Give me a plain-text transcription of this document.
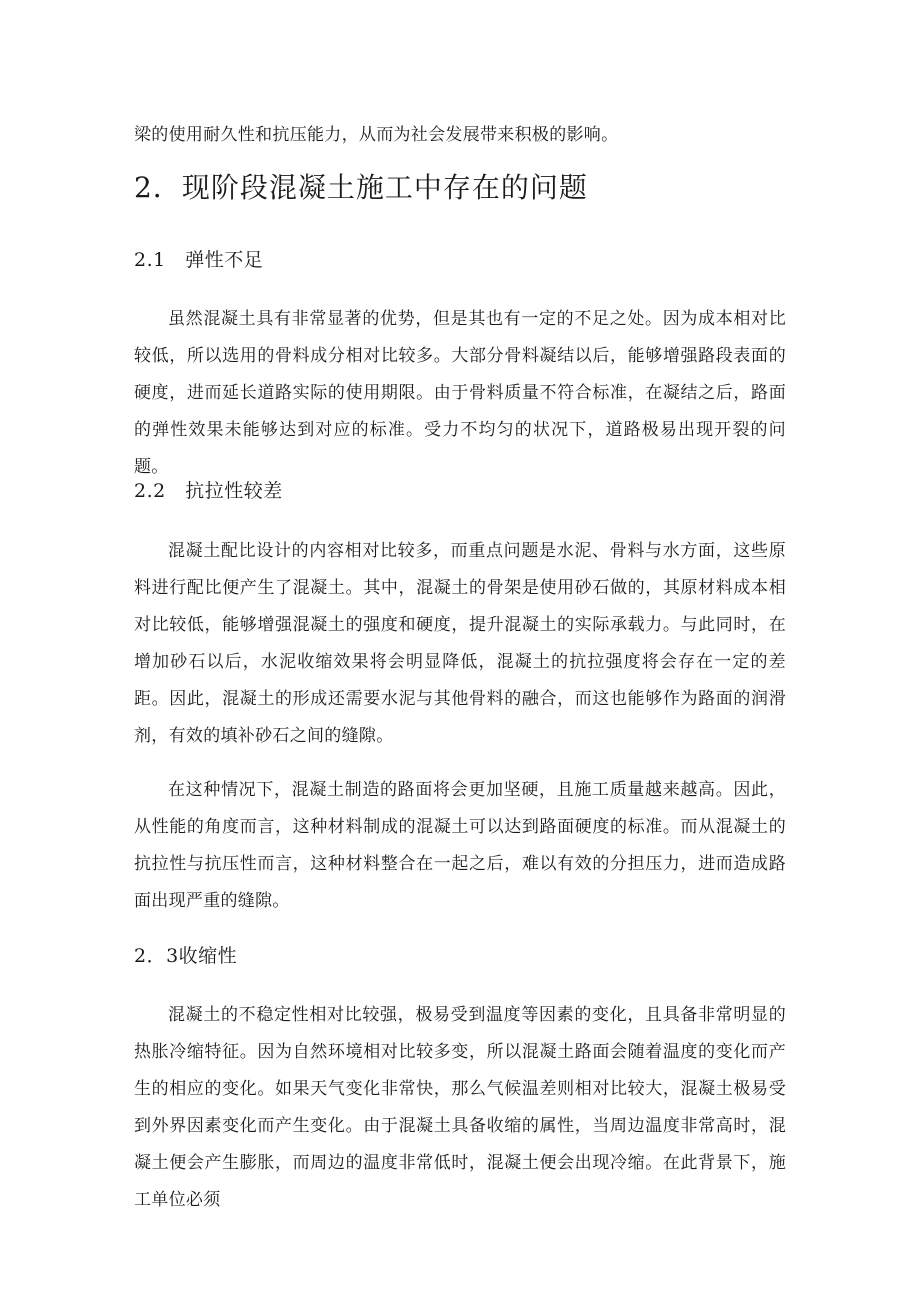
梁的使用耐久性和抗压能力，从而为社会发展带来积极的影响。

2．现阶段混凝土施工中存在的问题
2.1　弹性不足

虽然混凝土具有非常显著的优势，但是其也有一定的不足之处。因为成本相对比较低，所以选用的骨料成分相对比较多。大部分骨料凝结以后，能够增强路段表面的硬度，进而延长道路实际的使用期限。由于骨料质量不符合标准，在凝结之后，路面的弹性效果未能够达到对应的标准。受力不均匀的状况下，道路极易出现开裂的问题。

2.2　抗拉性较差

混凝土配比设计的内容相对比较多，而重点问题是水泥、骨料与水方面，这些原料进行配比便产生了混凝土。其中，混凝土的骨架是使用砂石做的，其原材料成本相对比较低，能够增强混凝土的强度和硬度，提升混凝土的实际承载力。与此同时，在增加砂石以后，水泥收缩效果将会明显降低，混凝土的抗拉强度将会存在一定的差距。因此，混凝土的形成还需要水泥与其他骨料的融合，而这也能够作为路面的润滑剂，有效的填补砂石之间的缝隙。

在这种情况下，混凝土制造的路面将会更加坚硬，且施工质量越来越高。因此，从性能的角度而言，这种材料制成的混凝土可以达到路面硬度的标准。而从混凝土的抗拉性与抗压性而言，这种材料整合在一起之后，难以有效的分担压力，进而造成路面出现严重的缝隙。

2．3收缩性

混凝土的不稳定性相对比较强，极易受到温度等因素的变化，且具备非常明显的热胀冷缩特征。因为自然环境相对比较多变，所以混凝土路面会随着温度的变化而产生的相应的变化。如果天气变化非常快，那么气候温差则相对比较大，混凝土极易受到外界因素变化而产生变化。由于混凝土具备收缩的属性，当周边温度非常高时，混凝土便会产生膨胀，而周边的温度非常低时，混凝土便会出现冷缩。在此背景下，施工单位必须
